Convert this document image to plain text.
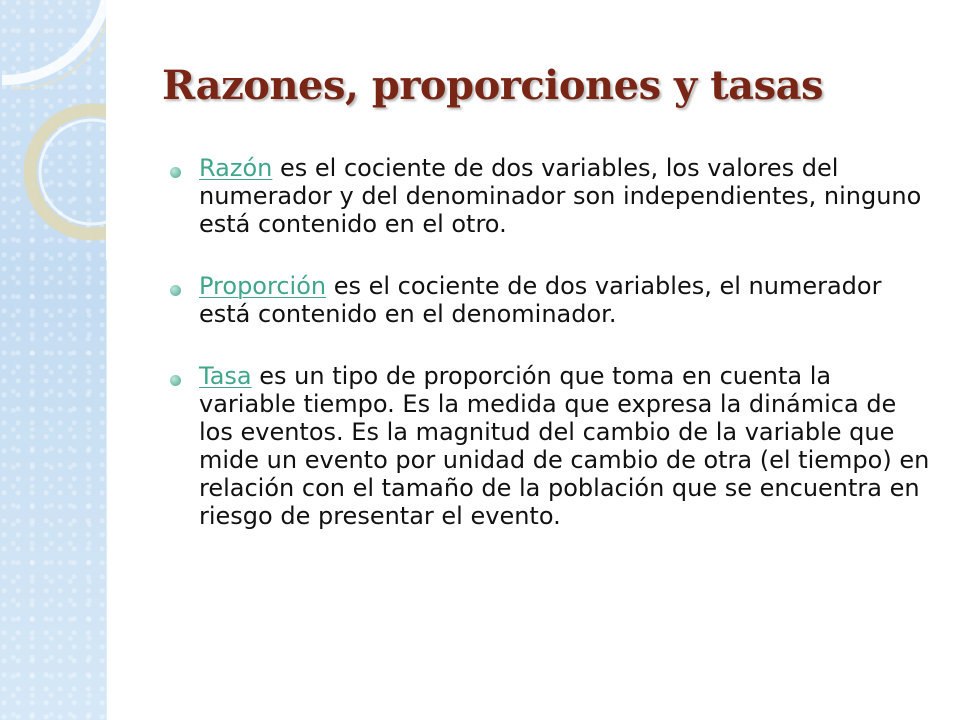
Razones, proporciones y tasas
Razón es el cociente de dos variables, los valores del numerador y del denominador son independientes, ninguno está contenido en el otro.
Proporción es el cociente de dos variables, el numerador está contenido en el denominador.
Tasa es un tipo de proporción que toma en cuenta la variable tiempo. Es la medida que expresa la dinámica de los eventos. Es la magnitud del cambio de la variable que mide un evento por unidad de cambio de otra (el tiempo) en relación con el tamaño de la población que se encuentra en riesgo de presentar el evento.
